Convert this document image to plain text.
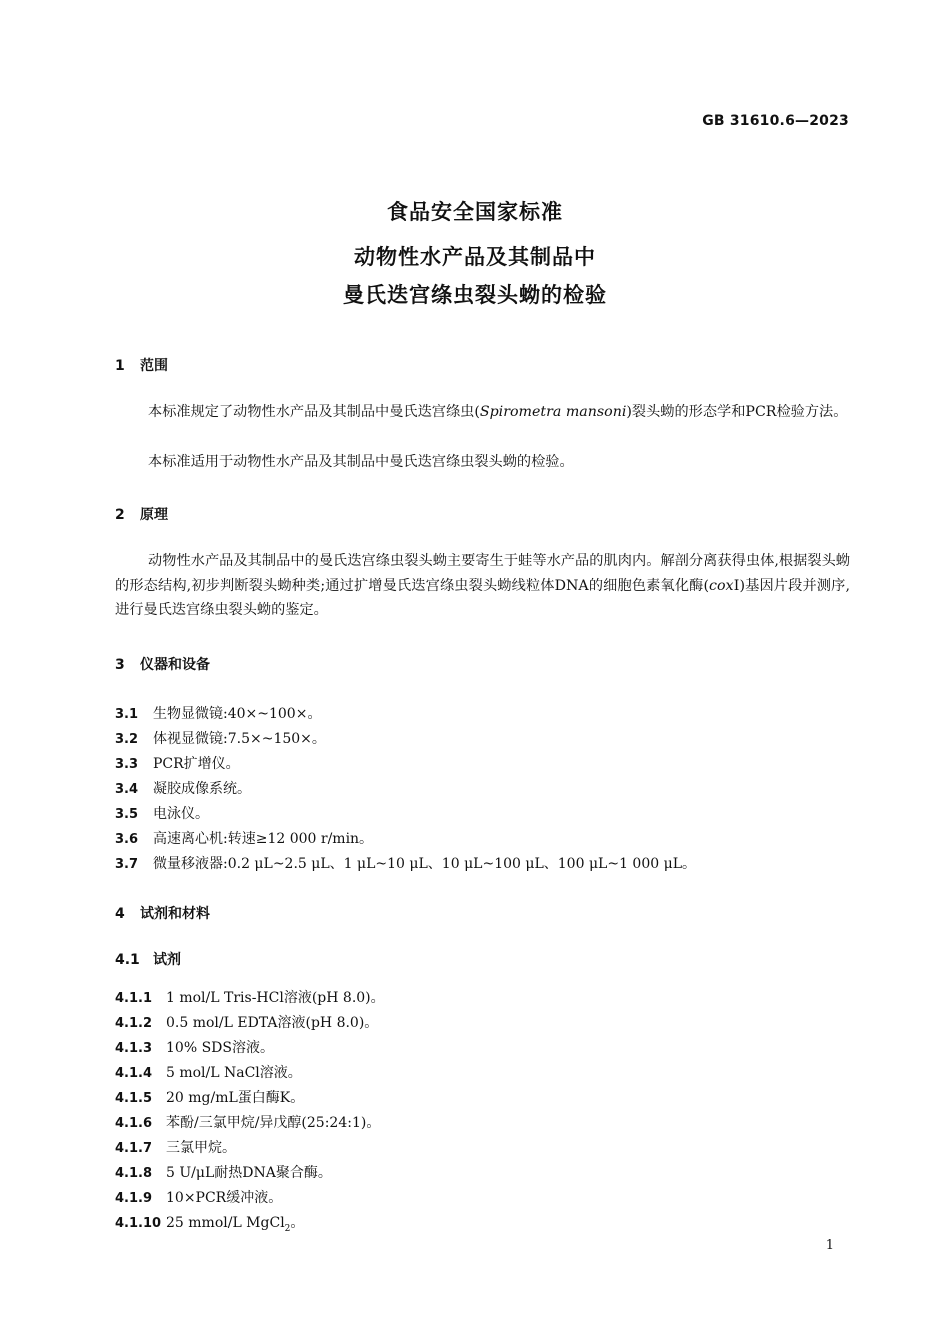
GB 31610.6—2023
食品安全国家标准
动物性水产品及其制品中
曼氏迭宫绦虫裂头蚴的检验
1 范围
本标准规定了动物性水产品及其制品中曼氏迭宫绦虫(Spirometra mansoni)裂头蚴的形态学和PCR检验方法。
本标准适用于动物性水产品及其制品中曼氏迭宫绦虫裂头蚴的检验。
2 原理
动物性水产品及其制品中的曼氏迭宫绦虫裂头蚴主要寄生于蛙等水产品的肌肉内。解剖分离获得虫体,根据裂头蚴的形态结构,初步判断裂头蚴种类;通过扩增曼氏迭宫绦虫裂头蚴线粒体DNA的细胞色素氧化酶(coxⅠ)基因片段并测序,进行曼氏迭宫绦虫裂头蚴的鉴定。
3 仪器和设备
3.1 生物显微镜:40×~100×。
3.2 体视显微镜:7.5×~150×。
3.3 PCR扩增仪。
3.4 凝胶成像系统。
3.5 电泳仪。
3.6 高速离心机:转速≥12 000 r/min。
3.7 微量移液器:0.2 μL~2.5 μL、1 μL~10 μL、10 μL~100 μL、100 μL~1 000 μL。
4 试剂和材料
4.1 试剂
4.1.1 1 mol/L Tris-HCl溶液(pH 8.0)。
4.1.2 0.5 mol/L EDTA溶液(pH 8.0)。
4.1.3 10% SDS溶液。
4.1.4 5 mol/L NaCl溶液。
4.1.5 20 mg/mL蛋白酶K。
4.1.6 苯酚/三氯甲烷/异戊醇(25:24:1)。
4.1.7 三氯甲烷。
4.1.8 5 U/μL耐热DNA聚合酶。
4.1.9 10×PCR缓冲液。
4.1.10 25 mmol/L MgCl$_2$。
1
